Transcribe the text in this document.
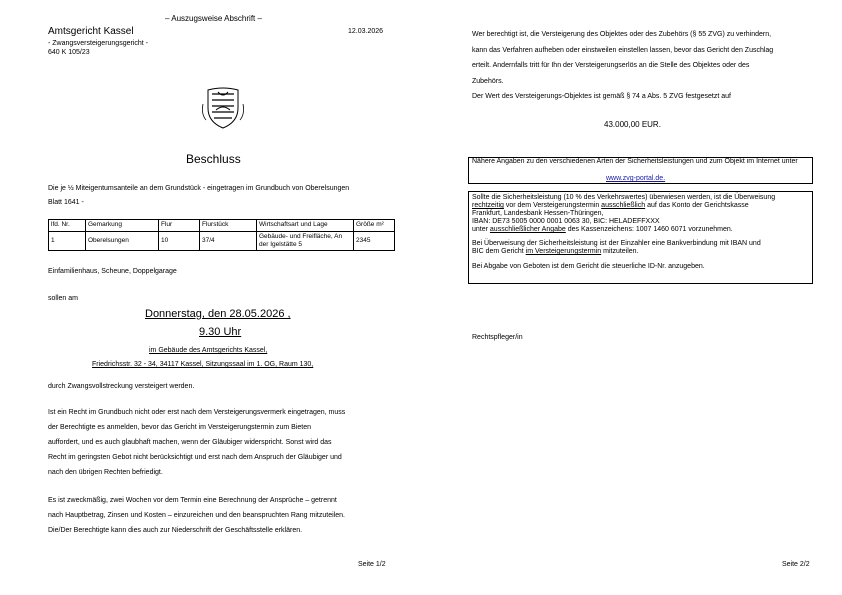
– Auszugsweise Abschrift –
Amtsgericht Kassel	12.03.2026
- Zwangsversteigerungsgericht -
640 K 105/23
Beschluss
Die je ½ Miteigentumsanteile an dem Grundstück - eingetragen im Grundbuch von Oberelsungen
Blatt 1641 -
lfd. Nr.	Gemarkung	Flur	Flurstück	Wirtschaftsart und Lage	Größe m²
1	Oberelsungen	10	37/4	Gebäude- und Freifläche, An der Igelstätte 5	2345
Einfamilienhaus, Scheune, Doppelgarage
sollen am
Donnerstag, den 28.05.2026 ,
9.30 Uhr
im Gebäude des Amtsgerichts Kassel,
Friedrichsstr. 32 - 34, 34117 Kassel, Sitzungssaal im 1. OG, Raum 130,
durch Zwangsvollstreckung versteigert werden.
Ist ein Recht im Grundbuch nicht oder erst nach dem Versteigerungsvermerk eingetragen, muss
der Berechtigte es anmelden, bevor das Gericht im Versteigerungstermin zum Bieten
auffordert, und es auch glaubhaft machen, wenn der Gläubiger widerspricht. Sonst wird das
Recht im geringsten Gebot nicht berücksichtigt und erst nach dem Anspruch der Gläubiger und
nach den übrigen Rechten befriedigt.
Es ist zweckmäßig, zwei Wochen vor dem Termin eine Berechnung der Ansprüche – getrennt
nach Hauptbetrag, Zinsen und Kosten – einzureichen und den beanspruchten Rang mitzuteilen.
Die/Der Berechtigte kann dies auch zur Niederschrift der Geschäftsstelle erklären.
Seite 1/2
Wer berechtigt ist, die Versteigerung des Objektes oder des Zubehörs (§ 55 ZVG) zu verhindern,
kann das Verfahren aufheben oder einstweilen einstellen lassen, bevor das Gericht den Zuschlag
erteilt. Andernfalls tritt für Ihn der Versteigerungserlös an die Stelle des Objektes oder des
Zubehörs.
Der Wert des Versteigerungs-Objektes ist gemäß § 74 a Abs. 5 ZVG festgesetzt auf
43.000,00 EUR.
Nähere Angaben zu den verschiedenen Arten der Sicherheitsleistungen und zum Objekt im Internet unter
www.zvg-portal.de.
Sollte die Sicherheitsleistung (10 % des Verkehrswertes) überwiesen werden, ist die Überweisung
rechtzeitig vor dem Versteigerungstermin ausschließlich auf das Konto der Gerichtskasse
Frankfurt, Landesbank Hessen-Thüringen,
IBAN: DE73 5005 0000 0001 0063 30, BIC: HELADEFFXXX
unter ausschließlicher Angabe des Kassenzeichens: 1007 1460 6071 vorzunehmen.
Bei Überweisung der Sicherheitsleistung ist der Einzahler eine Bankverbindung mit IBAN und
BIC dem Gericht im Versteigerungstermin mitzuteilen.
Bei Abgabe von Geboten ist dem Gericht die steuerliche ID-Nr. anzugeben.
Rechtspfleger/in
Seite 2/2
